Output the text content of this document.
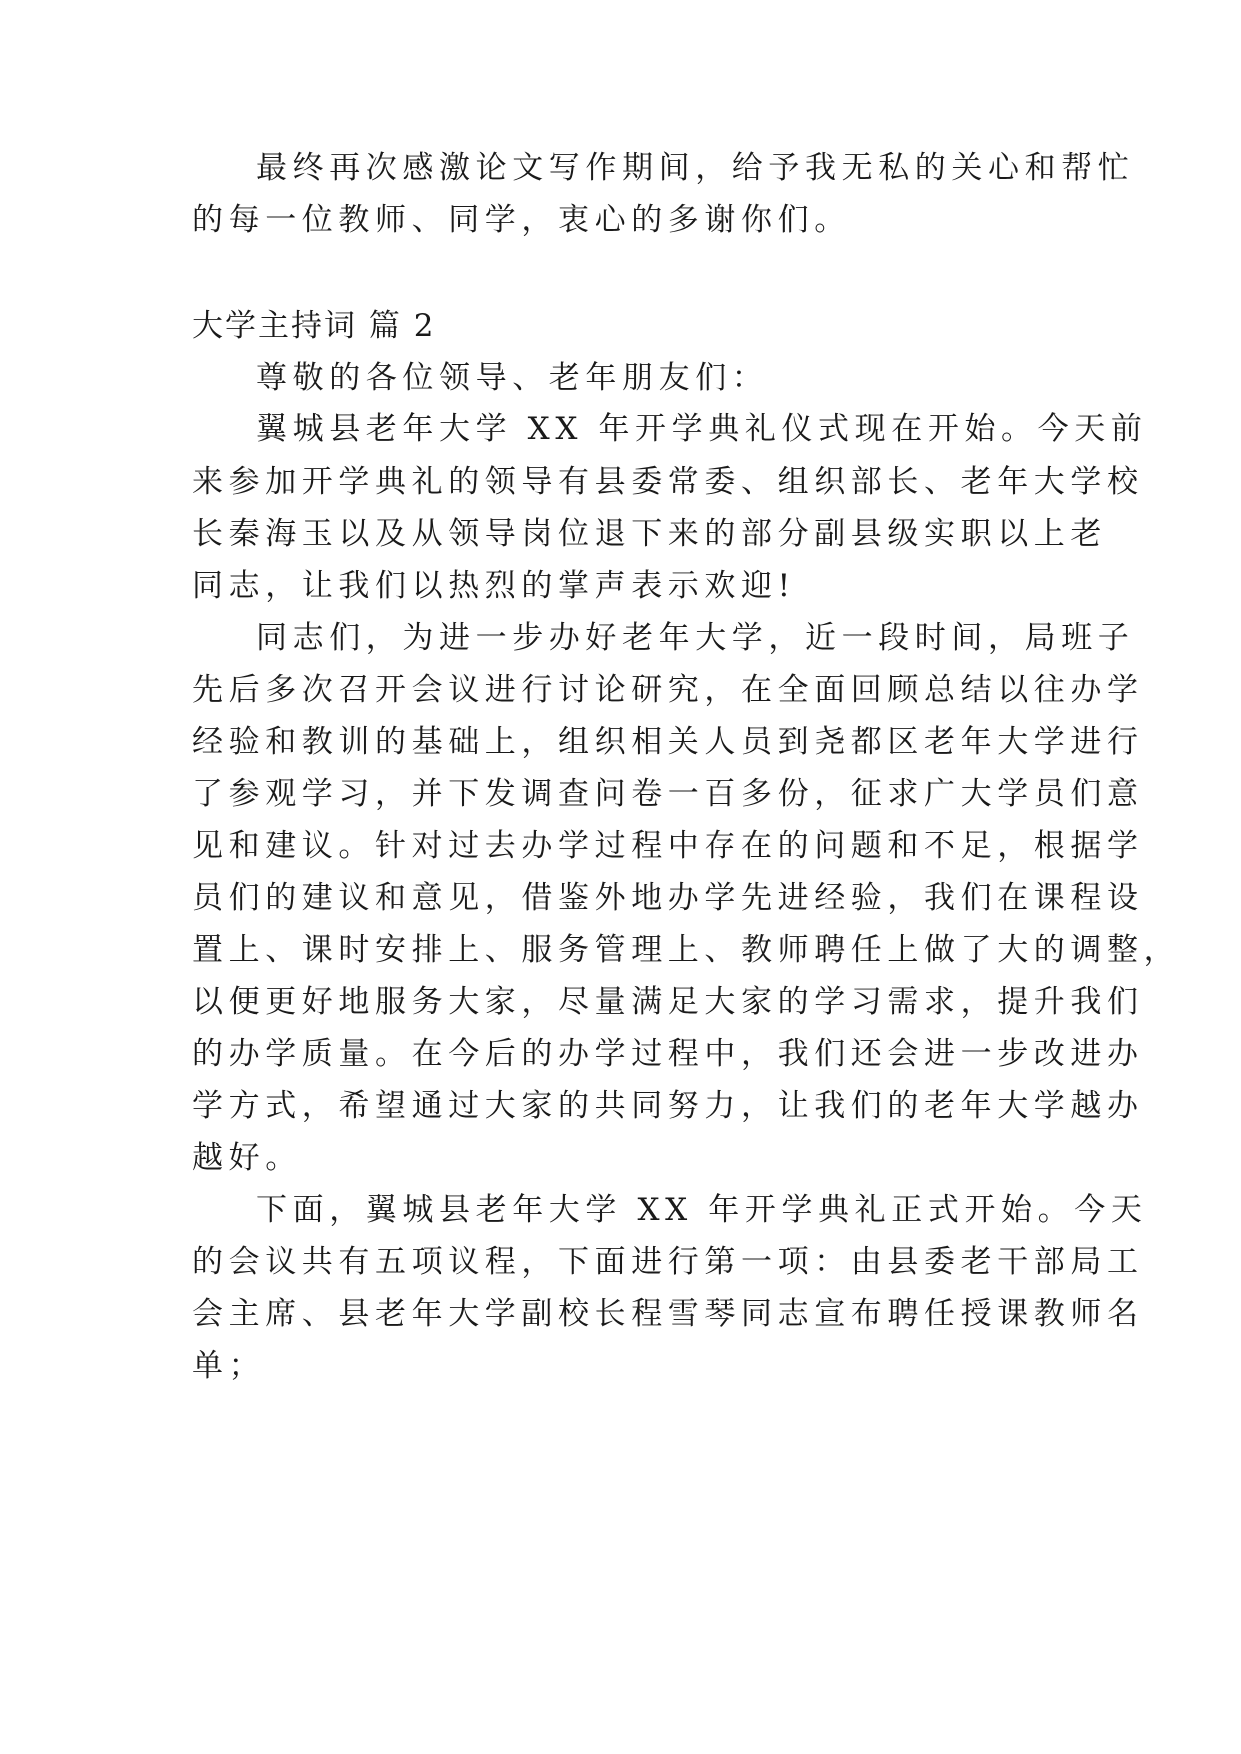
最终再次感激论文写作期间，给予我无私的关心和帮忙
的每一位教师、同学，衷心的多谢你们。
大学主持词 篇 2
尊敬的各位领导、老年朋友们：
翼城县老年大学 XX 年开学典礼仪式现在开始。今天前
来参加开学典礼的领导有县委常委、组织部长、老年大学校
长秦海玉以及从领导岗位退下来的部分副县级实职以上老
同志，让我们以热烈的掌声表示欢迎!
同志们，为进一步办好老年大学，近一段时间，局班子
先后多次召开会议进行讨论研究，在全面回顾总结以往办学
经验和教训的基础上，组织相关人员到尧都区老年大学进行
了参观学习，并下发调查问卷一百多份，征求广大学员们意
见和建议。针对过去办学过程中存在的问题和不足，根据学
员们的建议和意见，借鉴外地办学先进经验，我们在课程设
置上、课时安排上、服务管理上、教师聘任上做了大的调整，
以便更好地服务大家，尽量满足大家的学习需求，提升我们
的办学质量。在今后的办学过程中，我们还会进一步改进办
学方式，希望通过大家的共同努力，让我们的老年大学越办
越好。
下面，翼城县老年大学 XX 年开学典礼正式开始。今天
的会议共有五项议程，下面进行第一项：由县委老干部局工
会主席、县老年大学副校长程雪琴同志宣布聘任授课教师名
单；
